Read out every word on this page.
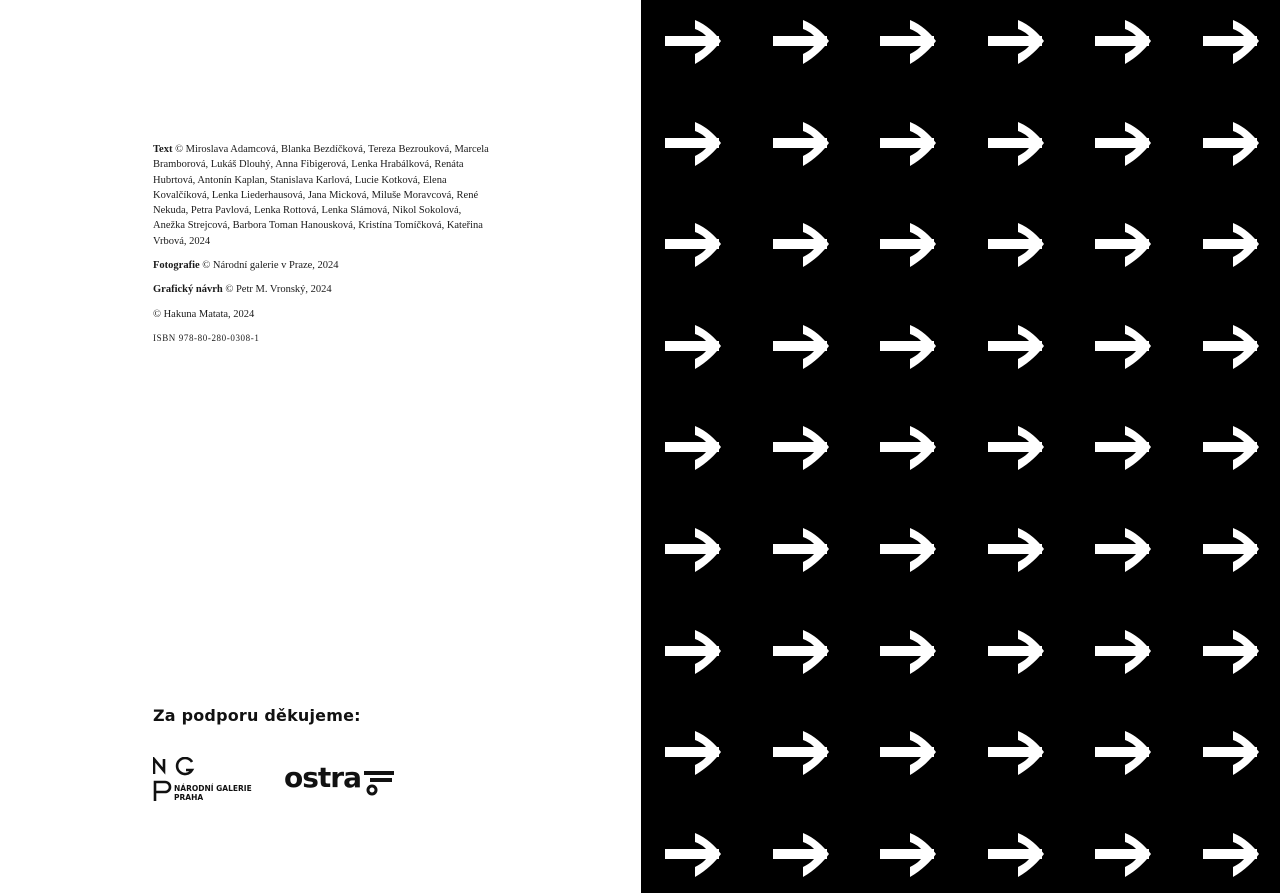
Text © Miroslava Adamcová, Blanka Bezdíčková, Tereza Bezrouková, Marcela Bramborová, Lukáš Dlouhý, Anna Fibigerová, Lenka Hrabálková, Renáta Hubrtová, Antonín Kaplan, Stanislava Karlová, Lucie Kotková, Elena Kovalčíková, Lenka Liederhausová, Jana Micková, Miluše Moravcová, René Nekuda, Petra Pavlová, Lenka Rottová, Lenka Slámová, Nikol Sokolová, Anežka Strejcová, Barbora Toman Hanousková, Kristína Tomíčková, Kateřina Vrbová, 2024

Fotografie © Národní galerie v Praze, 2024

Grafický návrh © Petr M. Vronský, 2024

© Hakuna Matata, 2024

ISBN 978-80-280-0308-1

Za podporu děkujeme:
NÁRODNÍ GALERIE
PRAHA
ostra
